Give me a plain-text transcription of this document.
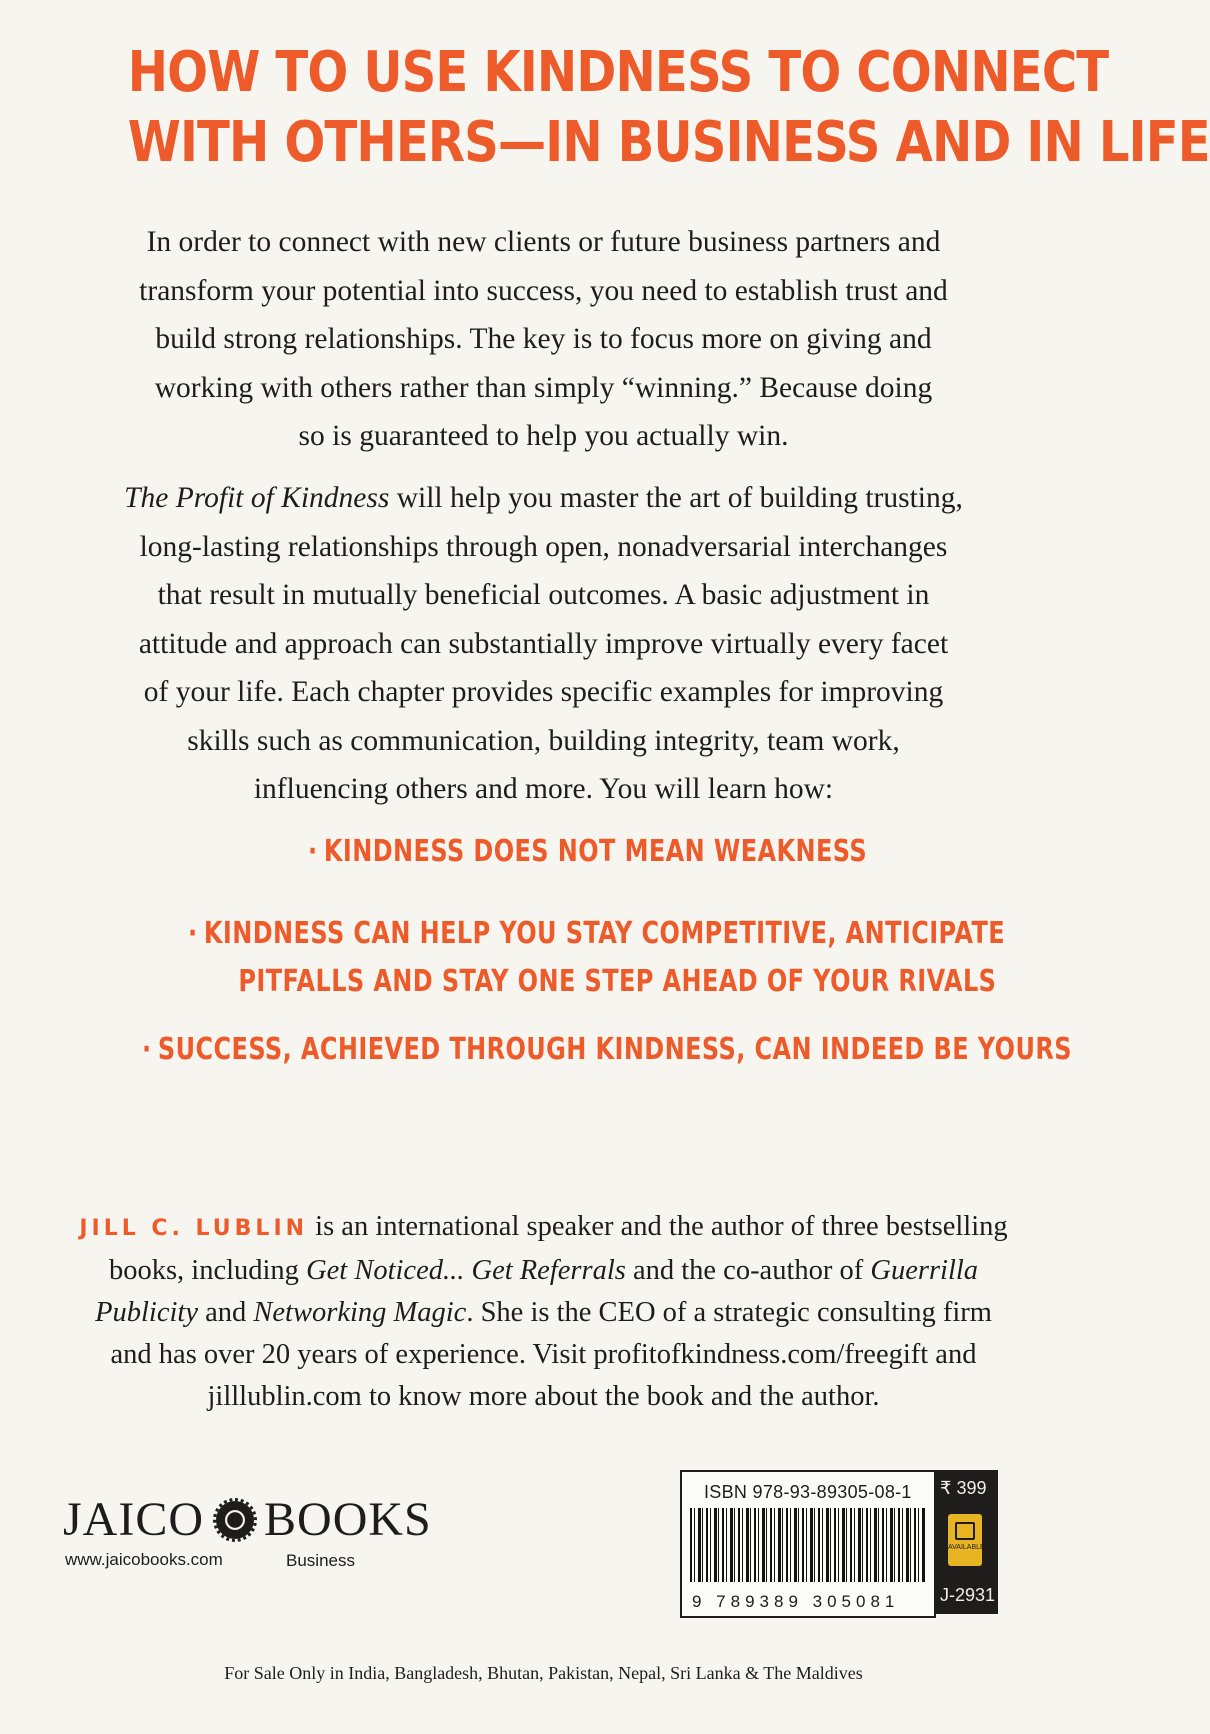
HOW TO USE KINDNESS TO CONNECT
WITH OTHERS—IN BUSINESS AND IN LIFE
In order to connect with new clients or future business partners and
transform your potential into success, you need to establish trust and
build strong relationships. The key is to focus more on giving and
working with others rather than simply “winning.” Because doing
so is guaranteed to help you actually win.
The Profit of Kindness will help you master the art of building trusting,
long-lasting relationships through open, nonadversarial interchanges
that result in mutually beneficial outcomes. A basic adjustment in
attitude and approach can substantially improve virtually every facet
of your life. Each chapter provides specific examples for improving
skills such as communication, building integrity, team work,
influencing others and more. You will learn how:
· KINDNESS DOES NOT MEAN WEAKNESS
· KINDNESS CAN HELP YOU STAY COMPETITIVE, ANTICIPATE
PITFALLS AND STAY ONE STEP AHEAD OF YOUR RIVALS
· SUCCESS, ACHIEVED THROUGH KINDNESS, CAN INDEED BE YOURS
JILL C. LUBLIN is an international speaker and the author of three bestselling
books, including Get Noticed... Get Referrals and the co-author of Guerrilla
Publicity and Networking Magic. She is the CEO of a strategic consulting firm
and has over 20 years of experience. Visit profitofkindness.com/freegift and
jilllublin.com to know more about the book and the author.
JAICO BOOKS
www.jaicobooks.com	Business
ISBN 978-93-89305-08-1
9 789389 305081
₹ 399
AVAILABLE
J-2931
For Sale Only in India, Bangladesh, Bhutan, Pakistan, Nepal, Sri Lanka & The Maldives
